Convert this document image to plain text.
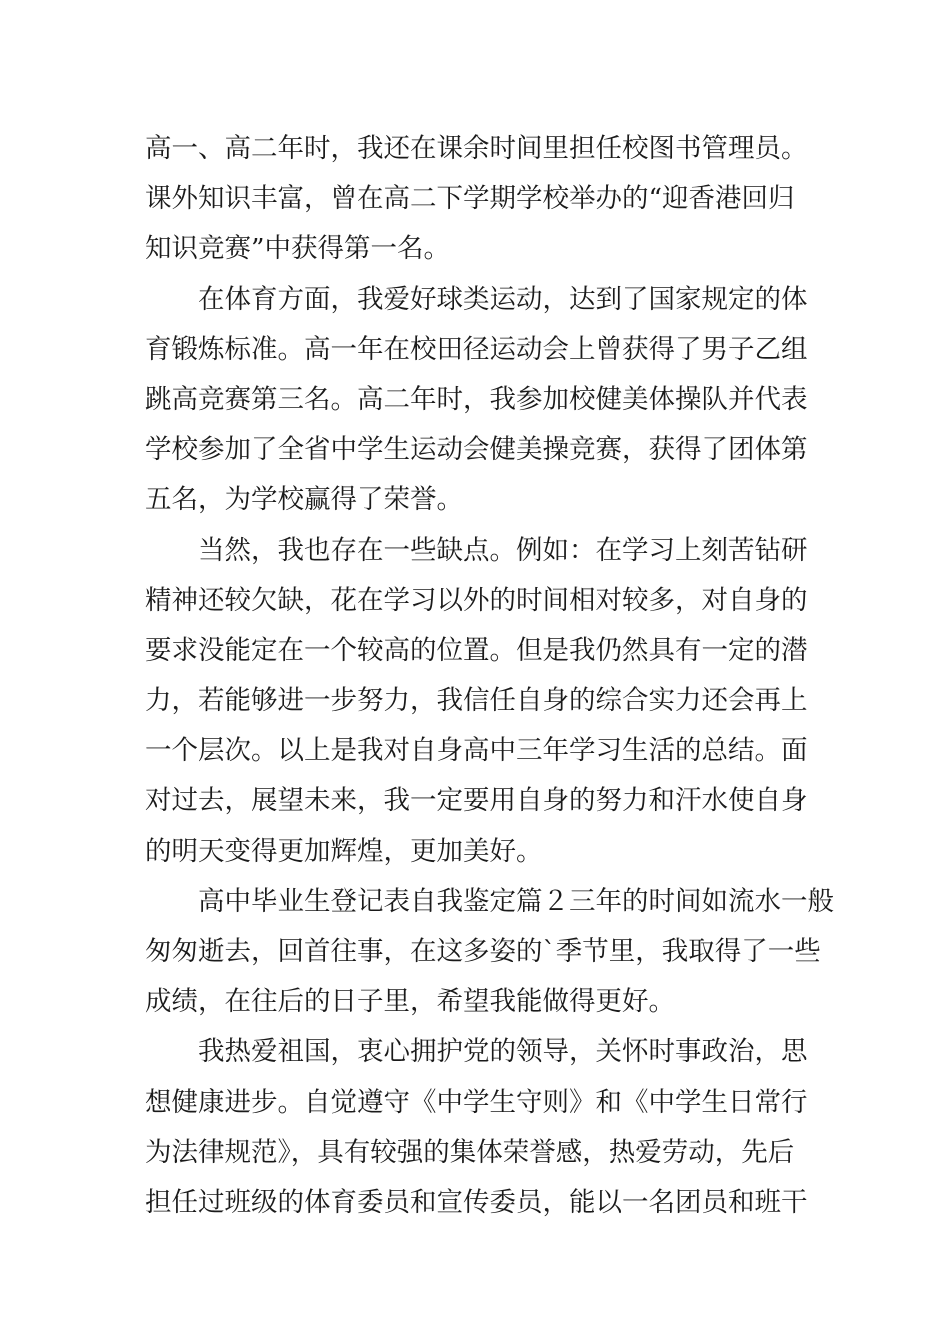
高一、高二年时，我还在课余时间里担任校图书管理员。
课外知识丰富，曾在高二下学期学校举办的“迎香港回归
知识竞赛”中获得第一名。
　　在体育方面，我爱好球类运动，达到了国家规定的体
育锻炼标准。高一年在校田径运动会上曾获得了男子乙组
跳高竞赛第三名。高二年时，我参加校健美体操队并代表
学校参加了全省中学生运动会健美操竞赛，获得了团体第
五名，为学校赢得了荣誉。
　　当然，我也存在一些缺点。例如：在学习上刻苦钻研
精神还较欠缺，花在学习以外的时间相对较多，对自身的
要求没能定在一个较高的位置。但是我仍然具有一定的潜
力，若能够进一步努力，我信任自身的综合实力还会再上
一个层次。以上是我对自身高中三年学习生活的总结。面
对过去，展望未来，我一定要用自身的努力和汗水使自身
的明天变得更加辉煌，更加美好。
　　高中毕业生登记表自我鉴定篇２三年的时间如流水一般
匆匆逝去，回首往事，在这多姿的`季节里，我取得了一些
成绩，在往后的日子里，希望我能做得更好。
　　我热爱祖国，衷心拥护党的领导，关怀时事政治，思
想健康进步。自觉遵守《中学生守则》和《中学生日常行
为法律规范》，具有较强的集体荣誉感，热爱劳动，先后
担任过班级的体育委员和宣传委员，能以一名团员和班干
